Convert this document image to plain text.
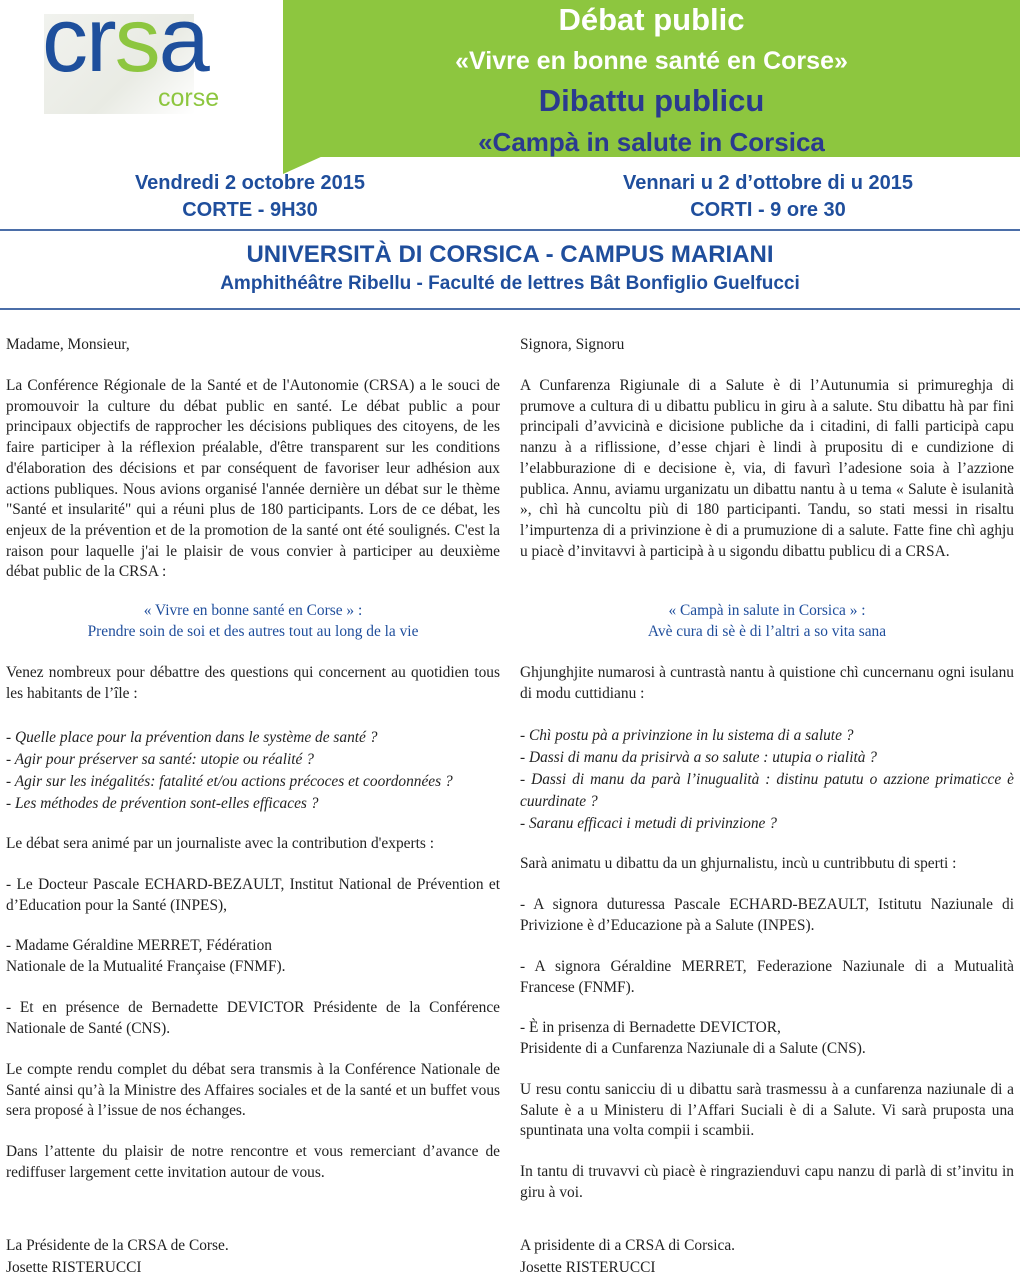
crsa
corse
Débat public
«Vivre en bonne santé en Corse»
Dibattu publicu
«Campà in salute in Corsica
Vendredi 2 octobre 2015
CORTE - 9H30
Vennari u 2 d’ottobre di u 2015
CORTI - 9 ore 30
UNIVERSITÀ DI CORSICA - CAMPUS MARIANI
Amphithéâtre Ribellu - Faculté de lettres Bât Bonfiglio Guelfucci

Madame, Monsieur,

La Conférence Régionale de la Santé et de l'Autonomie (CRSA) a le souci de promouvoir la culture du débat public en santé. Le débat public a pour principaux objectifs de rapprocher les décisions publiques des citoyens, de les faire participer à la réflexion préalable, d'être transparent sur les conditions d'élaboration des décisions et par conséquent de favoriser leur adhésion aux actions publiques. Nous avions organisé l'année dernière un débat sur le thème "Santé et insularité" qui a réuni plus de 180 participants. Lors de ce débat, les enjeux de la prévention et de la promotion de la santé ont été soulignés. C'est la raison pour laquelle j'ai le plaisir de vous convier à participer au deuxième débat public de la CRSA :

« Vivre en bonne santé en Corse » :

Prendre soin de soi et des autres tout au long de la vie

Venez nombreux pour débattre des questions qui concernent au quotidien tous les habitants de l’île :

- Quelle place pour la prévention dans le système de santé ?

- Agir pour préserver sa santé: utopie ou réalité ?

- Agir sur les inégalités: fatalité et/ou actions précoces et coordonnées ?

- Les méthodes de prévention sont-elles efficaces ?

Le débat sera animé par un journaliste avec la contribution d'experts :

- Le Docteur Pascale ECHARD-BEZAULT, Institut National de Prévention et d’Education pour la Santé (INPES),

- Madame Géraldine MERRET, Fédération
Nationale de la Mutualité Française (FNMF).

- Et en présence de Bernadette DEVICTOR Présidente de la Conférence Nationale de Santé (CNS).

Le compte rendu complet du débat sera transmis à la Conférence Nationale de Santé ainsi qu’à la Ministre des Affaires sociales et de la santé et un buffet vous sera proposé à l’issue de nos échanges.

Dans l’attente du plaisir de notre rencontre et vous remerciant d’avance de rediffuser largement cette invitation autour de vous.

La Présidente de la CRSA de Corse.

Josette RISTERUCCI

Signora, Signoru

A Cunfarenza Rigiunale di a Salute è di l’Autunumia si primureghja di prumove a cultura di u dibattu publicu in giru à a salute. Stu dibattu hà par fini principali d’avvicinà e dicisione publiche da i citadini, di falli participà capu nanzu à a riflissione, d’esse chjari è lindi à prupositu di e cundizione di l’elabburazione di e decisione è, via, di favurì l’adesione soia à l’azzione publica. Annu, aviamu urganizatu un dibattu nantu à u tema « Salute è isulanità », chì hà cuncoltu più di 180 participanti. Tandu, so stati messi in risaltu l’impurtenza di a privinzione è di a prumuzione di a salute. Fatte fine chì aghju u piacè d’invitavvi à participà à u sigondu dibattu publicu di a CRSA.

« Campà in salute in Corsica » :

Avè cura di sè è di l’altri a so vita sana

Ghjunghjite numarosi à cuntrastà nantu à quistione chì cuncernanu ogni isulanu di modu cuttidianu :

- Chì postu pà a privinzione in lu sistema di a salute ?

- Dassi di manu da prisirvà a so salute : utupia o rialità ?

- Dassi di manu da parà l’inugualità : distinu patutu o azzione primaticce è cuurdinate ?

- Saranu efficaci i metudi di privinzione ?

Sarà animatu u dibattu da un ghjurnalistu, incù u cuntribbutu di sperti :

- A signora duturessa Pascale ECHARD-BEZAULT, Istitutu Naziunale di Privizione è d’Educazione pà a Salute (INPES).

- A signora Géraldine MERRET, Federazione Naziunale di a Mutualità Francese (FNMF).

- È in prisenza di Bernadette DEVICTOR,
Prisidente di a Cunfarenza Naziunale di a Salute (CNS).

U resu contu sanicciu di u dibattu sarà trasmessu à a cunfarenza naziunale di a Salute è a u Ministeru di l’Affari Suciali è di a Salute. Vi sarà pruposta una spuntinata una volta compii i scambii.

In tantu di truvavvi cù piacè è ringrazienduvi capu nanzu di parlà di st’invitu in giru à voi.

A prisidente di a CRSA di Corsica.

Josette RISTERUCCI
